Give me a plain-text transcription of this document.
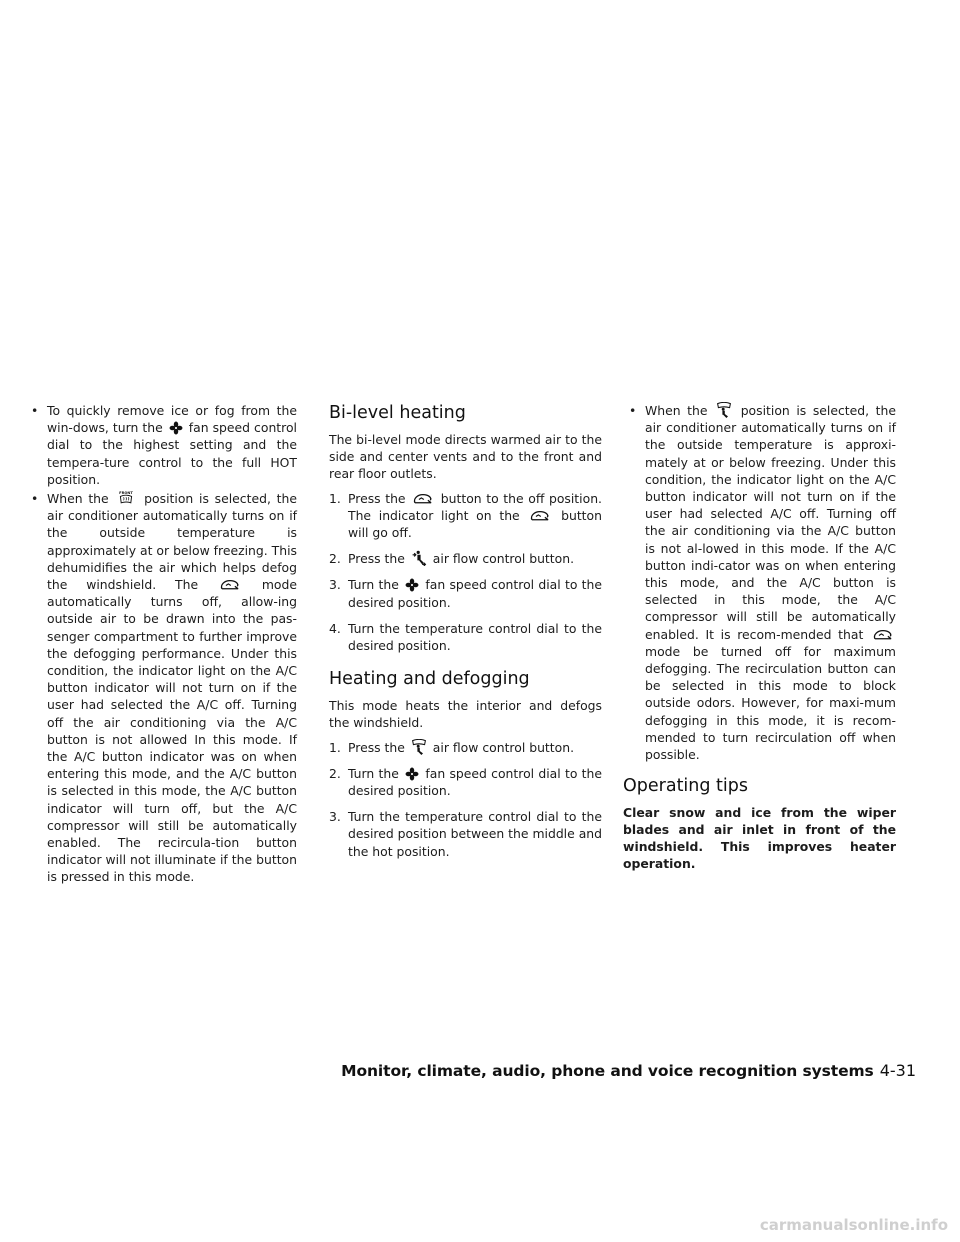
• To quickly remove ice or fog from the win-dows, turn the fan speed control dial to the highest setting and the tempera-ture control to the full HOT position.

• When the	position is selected, the air conditioner automatically turns on if the outside temperature is approximately at or below freezing. This dehumidifies the air which helps defog the windshield. The	mode automatically turns off, allow-ing outside air to be drawn into the pas-senger compartment to further improve the defogging performance. Under this condition, the indicator light on the A/C button indicator will not turn on if the user had selected the A/C off. Turning off the air conditioning via the A/C button is not allowed In this mode. If the A/C button indicator was on when entering this mode, and the A/C button is selected in this mode, the A/C button indicator will turn off, but the A/C compressor will still be automatically enabled. The recircula-tion button indicator will not illuminate if the button is pressed in this mode.

Bi-level heating

The bi-level mode directs warmed air to the side and center vents and to the front and rear floor outlets.

1. Press the	button to the off position. The indicator light on the	button will go off.

2. Press the air flow control button.

3. Turn the fan speed control dial to the desired position.

4. Turn the temperature control dial to the desired position.

Heating and defogging

This mode heats the interior and defogs the windshield.

1. Press the air flow control button.

2. Turn the fan speed control dial to the desired position.

3. Turn the temperature control dial to the desired position between the middle and the hot position.

• When the	position is selected, the air conditioner automatically turns on if the outside temperature is approxi-mately at or below freezing. Under this condition, the indicator light on the A/C button indicator will not turn on if the user had selected A/C off. Turning off the air conditioning via the A/C button is not al-lowed in this mode. If the A/C button indi-cator was on when entering this mode, and the A/C button is selected in this mode, the A/C compressor will still be automatically enabled. It is recom-mended that
mode be turned off for maximum defogging. The recirculation button can be selected in this mode to block outside odors. However, for maxi-mum defogging in this mode, it is recom-mended to turn recirculation off when possible.

Operating tips

Clear snow and ice from the wiper blades and air inlet in front of the windshield. This improves heater operation.

Monitor, climate, audio, phone and voice recognition systems 4-31
carmanualsonline.info
